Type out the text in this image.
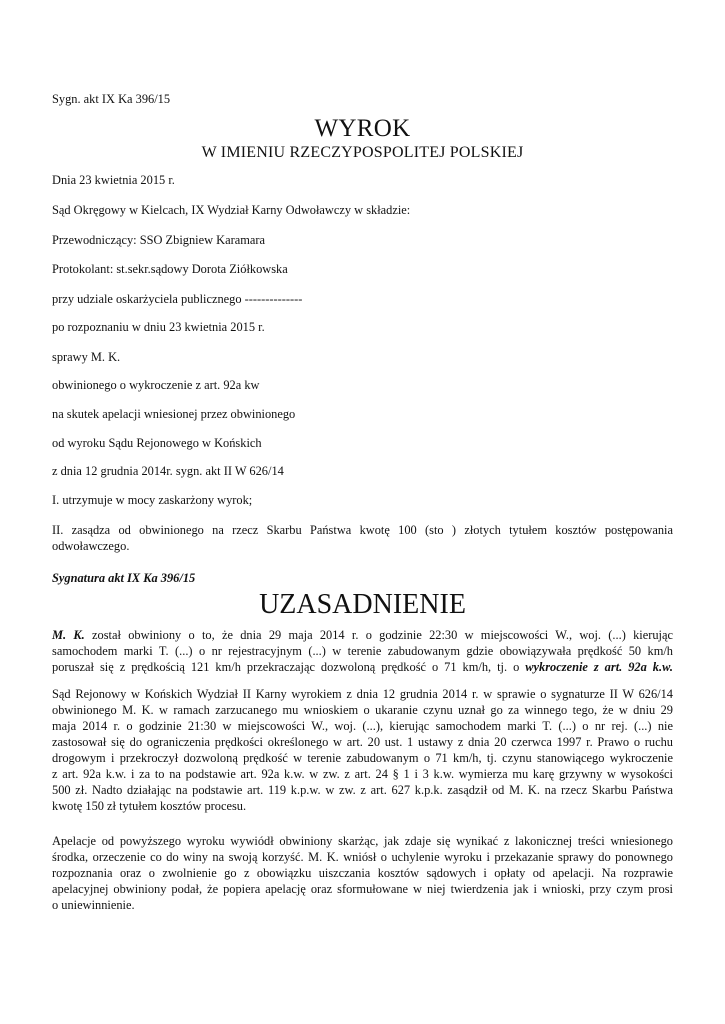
Sygn. akt IX Ka 396/15
WYROK
W IMIENIU RZECZYPOSPOLITEJ POLSKIEJ
Dnia 23 kwietnia 2015 r.
Sąd Okręgowy w Kielcach, IX Wydział Karny Odwoławczy w składzie:
Przewodniczący: SSO Zbigniew Karamara
Protokolant: st.sekr.sądowy Dorota Ziółkowska
przy udziale oskarżyciela publicznego --------------
po rozpoznaniu w dniu 23 kwietnia 2015 r.
sprawy M. K.
obwinionego o wykroczenie z art. 92a kw
na skutek apelacji wniesionej przez obwinionego
od wyroku Sądu Rejonowego w Końskich
z dnia 12 grudnia 2014r. sygn. akt II W 626/14
I. utrzymuje w mocy zaskarżony wyrok;
II. zasądza od obwinionego na rzecz Skarbu Państwa kwotę 100 (sto ) złotych tytułem kosztów postępowania
odwoławczego.
Sygnatura akt IX Ka 396/15
UZASADNIENIE
M. K. został obwiniony o to, że dnia 29 maja 2014 r. o godzinie 22:30 w miejscowości W., woj. (...) kierując
samochodem marki T. (...) o nr rejestracyjnym (...) w terenie zabudowanym gdzie obowiązywała prędkość 50 km/h
poruszał się z prędkością 121 km/h przekraczając dozwoloną prędkość o 71 km/h, tj. o wykroczenie z art. 92a k.w.
Sąd Rejonowy w Końskich Wydział II Karny wyrokiem z dnia 12 grudnia 2014 r. w sprawie o sygnaturze II W 626/14
obwinionego M. K. w ramach zarzucanego mu wnioskiem o ukaranie czynu uznał go za winnego tego, że w dniu 29
maja 2014 r. o godzinie 21:30 w miejscowości W., woj. (...), kierując samochodem marki T. (...) o nr rej. (...) nie
zastosował się do ograniczenia prędkości określonego w art. 20 ust. 1 ustawy z dnia 20 czerwca 1997 r. Prawo o ruchu
drogowym i przekroczył dozwoloną prędkość w terenie zabudowanym o 71 km/h, tj. czynu stanowiącego wykroczenie
z art. 92a k.w. i za to na podstawie art. 92a k.w. w zw. z art. 24 § 1 i 3 k.w. wymierza mu karę grzywny w wysokości
500 zł. Nadto działając na podstawie art. 119 k.p.w. w zw. z art. 627 k.p.k. zasądził od M. K. na rzecz Skarbu Państwa
kwotę 150 zł tytułem kosztów procesu.
Apelacje od powyższego wyroku wywiódł obwiniony skarżąc, jak zdaje się wynikać z lakonicznej treści wniesionego
środka, orzeczenie co do winy na swoją korzyść. M. K. wniósł o uchylenie wyroku i przekazanie sprawy do ponownego
rozpoznania oraz o zwolnienie go z obowiązku uiszczania kosztów sądowych i opłaty od apelacji. Na rozprawie
apelacyjnej obwiniony podał, że popiera apelację oraz sformułowane w niej twierdzenia jak i wnioski, przy czym prosi
o uniewinnienie.
